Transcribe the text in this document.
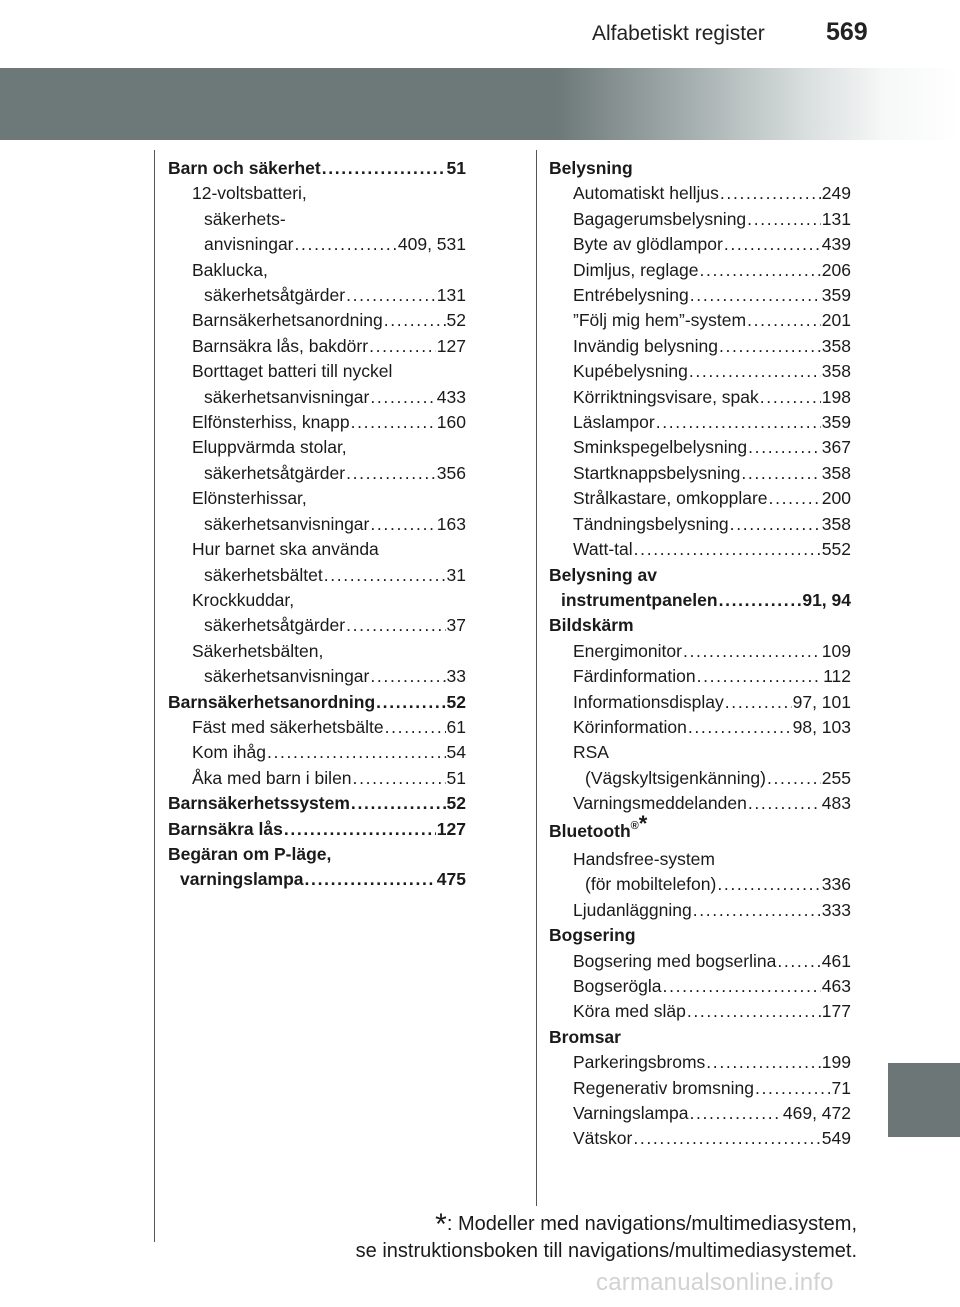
Alfabetiskt register 569
Barn och säkerhet . . .	51
12-voltsbatteri,
säkerhets-
anvisningar . . .	409, 531
Baklucka,
säkerhetsåtgärder . . .	131
Barnsäkerhetsanordning . . .	52
Barnsäkra lås, bakdörr . . .	127
Borttaget batteri till nyckel
säkerhetsanvisningar . . .	433
Elfönsterhiss, knapp . . .	160
Eluppvärmda stolar,
säkerhetsåtgärder . . .	356
Elönsterhissar,
säkerhetsanvisningar . . .	163
Hur barnet ska använda
säkerhetsbältet . . .	31
Krockkuddar,
säkerhetsåtgärder . . .	37
Säkerhetsbälten,
säkerhetsanvisningar . . .	33
Barnsäkerhetsanordning . . .	52
Fäst med säkerhetsbälte . . .	61
Kom ihåg . . .	54
Åka med barn i bilen . . .	51
Barnsäkerhetssystem . . .	52
Barnsäkra lås . . .	127
Begäran om P-läge,
varningslampa . . .	475
Belysning
Automatiskt helljus . . .	249
Bagagerumsbelysning . . .	131
Byte av glödlampor . . .	439
Dimljus, reglage . . .	206
Entrébelysning . . .	359
”Följ mig hem”-system . . .	201
Invändig belysning . . .	358
Kupébelysning . . .	358
Körriktningsvisare, spak . . .	198
Läslampor . . .	359
Sminkspegelbelysning . . .	367
Startknappsbelysning . . .	358
Strålkastare, omkopplare . . .	200
Tändningsbelysning . . .	358
Watt-tal . . .	552
Belysning av
instrumentpanelen . . .	91, 94
Bildskärm
Energimonitor . . .	109
Färdinformation . . .	112
Informationsdisplay . . .	97, 101
Körinformation . . .	98, 103
RSA
(Vägskyltsigenkänning) . . .	255
Varningsmeddelanden . . .	483
Bluetooth ® *
Handsfree-system
(för mobiltelefon) . . .	336
Ljudanläggning . . .	333
Bogsering
Bogsering med bogserlina . . .	461
Bogserögla . . .	463
Köra med släp . . .	177
Bromsar
Parkeringsbroms . . .	199
Regenerativ bromsning . . .	71
Varningslampa . . .	469, 472
Vätskor . . .	549
*: Modeller med navigations/multimediasystem,
se instruktionsboken till navigations/multimediasystemet.
carmanualsonline.info
